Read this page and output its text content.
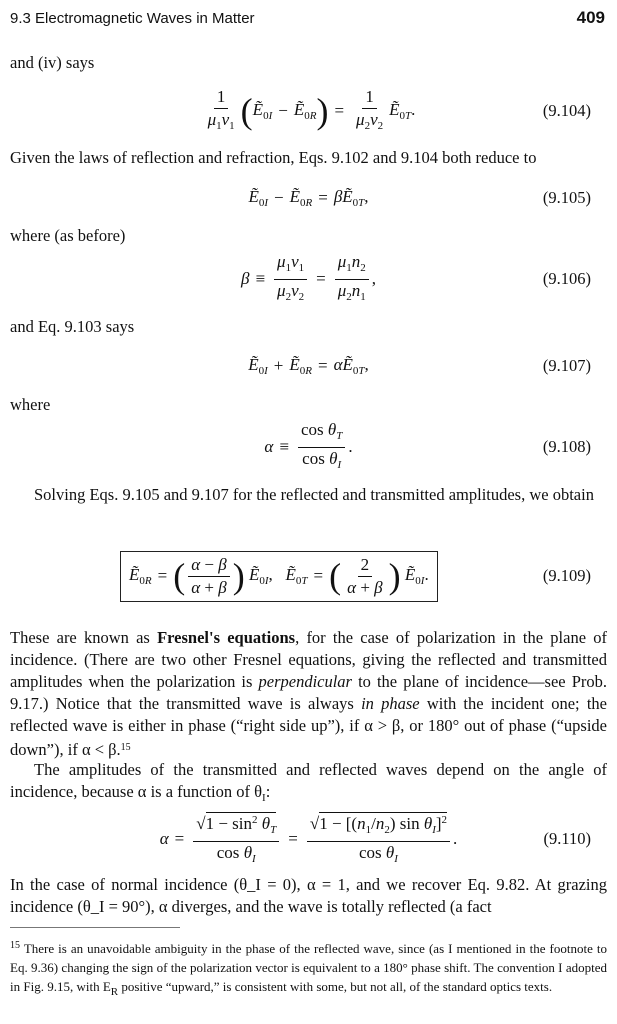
9.3 Electromagnetic Waves in Matter	409
and (iv) says
$\frac{1}{\mu_1v_1}$ ( Ẽ$_{0I}$ − Ẽ$_{0R}$ ) = $\frac{1}{\mu_2v_2}$ Ẽ$_{0T}$.	(9.104)
Given the laws of reflection and refraction, Eqs. 9.102 and 9.104 both reduce to
Ẽ$_{0I}$ − Ẽ$_{0R}$ = βẼ$_{0T}$,	(9.105)
where (as before)
$\beta \equiv \frac{\mu_1v_1}{\mu_2v_2} = \frac{\mu_1n_2}{\mu_2n_1}$ ,	(9.106)
and Eq. 9.103 says
Ẽ$_{0I}$ + Ẽ$_{0R}$ = αẼ$_{0T}$,	(9.107)
where
$\alpha \equiv \frac{\cos \theta_T}{\cos \theta_I}$ .	(9.108)
Solving Eqs. 9.105 and 9.107 for the reflected and transmitted amplitudes, we obtain
Ẽ$_{0R}$ = ( $\frac{\alpha - \beta}{\alpha + \beta}$ ) Ẽ$_{0I}$, Ẽ$_{0T}$ = ( $\frac{2}{\alpha + \beta}$ ) Ẽ$_{0I}$.	(9.109)
These are known as Fresnel's equations, for the case of polarization in the plane of incidence. (There are two other Fresnel equations, giving the reflected and transmitted amplitudes when the polarization is perpendicular to the plane of incidence—see Prob. 9.17.) Notice that the transmitted wave is always in phase with the incident one; the reflected wave is either in phase (“right side up”), if α > β, or 180° out of phase (“upside down”), if α < β.$^{15}$
The amplitudes of the transmitted and reflected waves depend on the angle of incidence, because α is a function of $\theta_I$:
$\alpha = \frac{√1 - \sin^2 \theta_T}{\cos \theta_I} = \frac{√1 - [(n_1/n_2) \sin \theta_I]^2}{\cos \theta_I}$ .	(9.110)
In the case of normal incidence (θ_I = 0), α = 1, and we recover Eq. 9.82. At grazing incidence (θ_I = 90°), α diverges, and the wave is totally reflected (a fact
$^{15}$ There is an unavoidable ambiguity in the phase of the reflected wave, since (as I mentioned in the footnote to Eq. 9.36) changing the sign of the polarization vector is equivalent to a 180° phase shift. The convention I adopted in Fig. 9.15, with $E_R$ positive “upward,” is consistent with some, but not all, of the standard optics texts.
